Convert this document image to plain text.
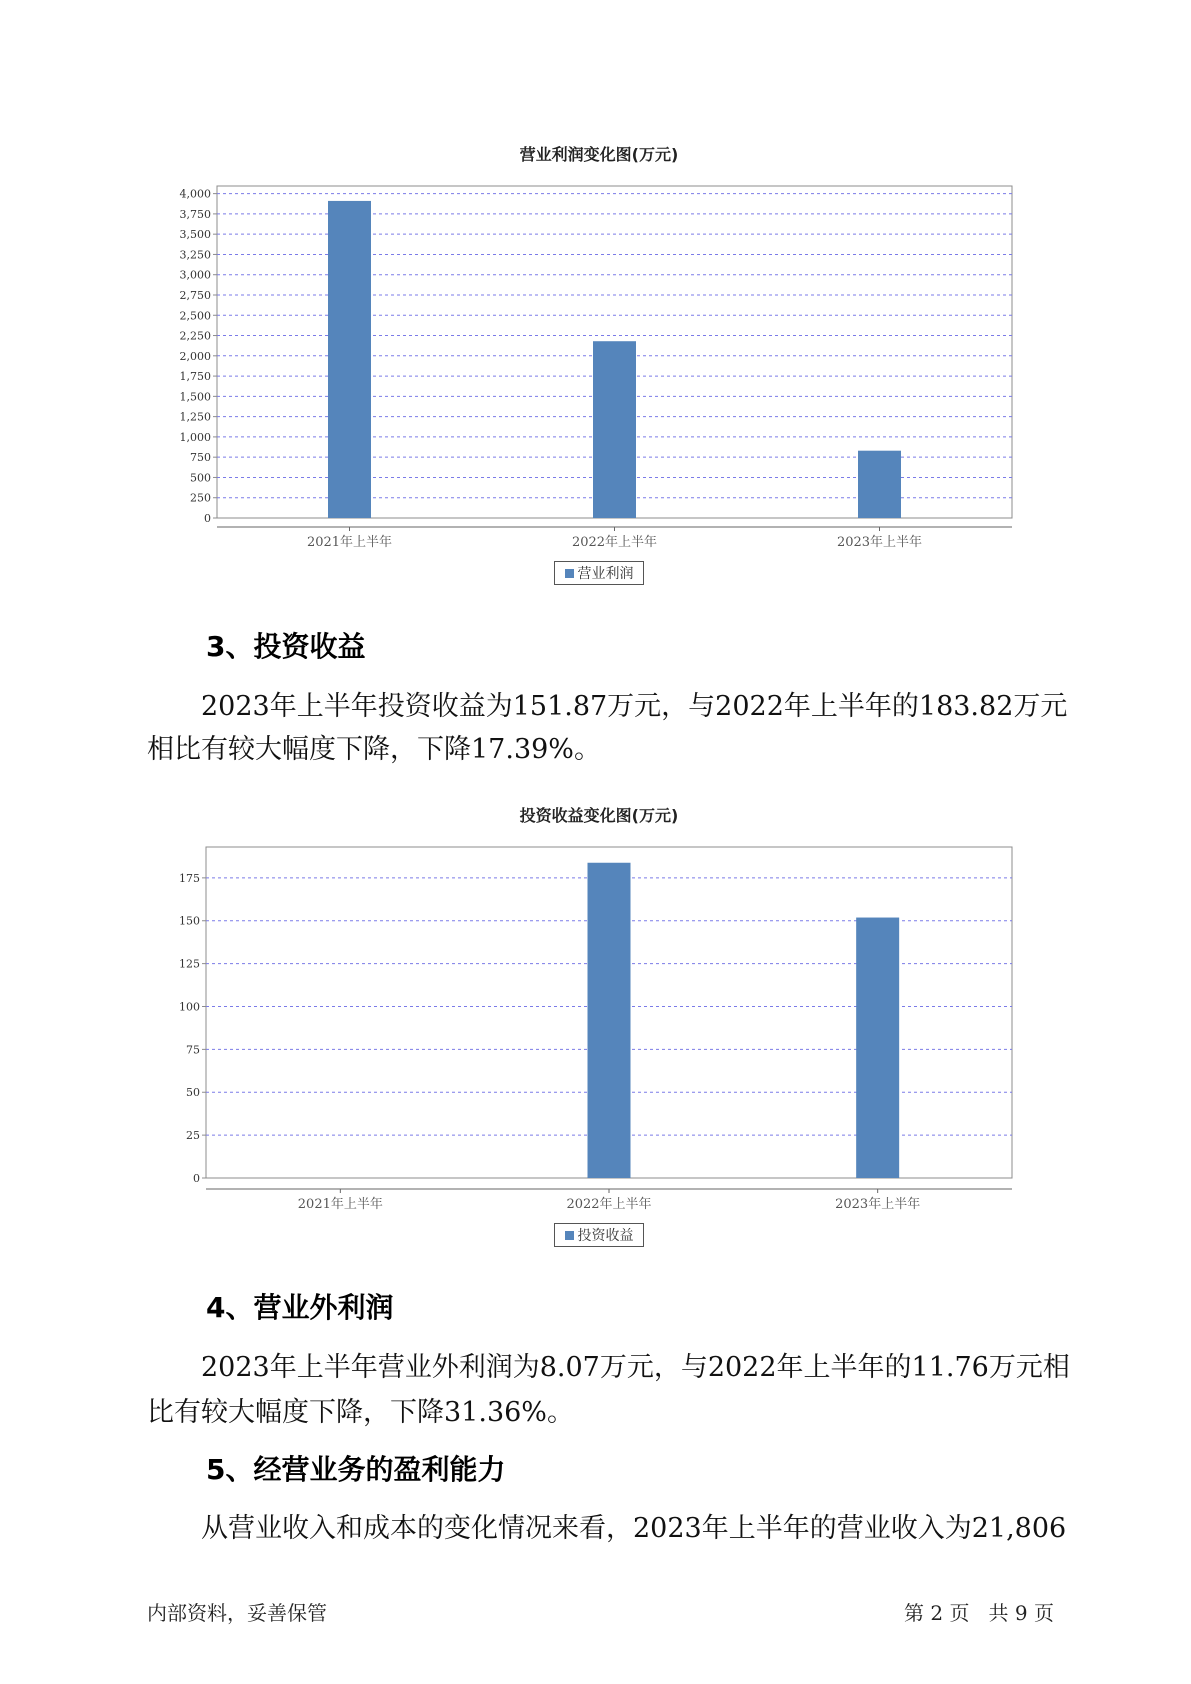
营业利润变化图(万元)
0
250
500
750
1,000
1,250
1,500
1,750
2,000
2,250
2,500
2,750
3,000
3,250
3,500
3,750
4,000
2021年上半年	2022年上半年	2023年上半年
营业利润
3、投资收益
2023年上半年投资收益为151.87万元，与2022年上半年的183.82万元
相比有较大幅度下降，下降17.39%。
投资收益变化图(万元)
0
25
50
75
100
125
150
175
2021年上半年	2022年上半年	2023年上半年
投资收益
4、营业外利润
2023年上半年营业外利润为8.07万元，与2022年上半年的11.76万元相
比有较大幅度下降，下降31.36%。
5、经营业务的盈利能力
从营业收入和成本的变化情况来看，2023年上半年的营业收入为21,806
内部资料，妥善保管	第 2 页   共 9 页
